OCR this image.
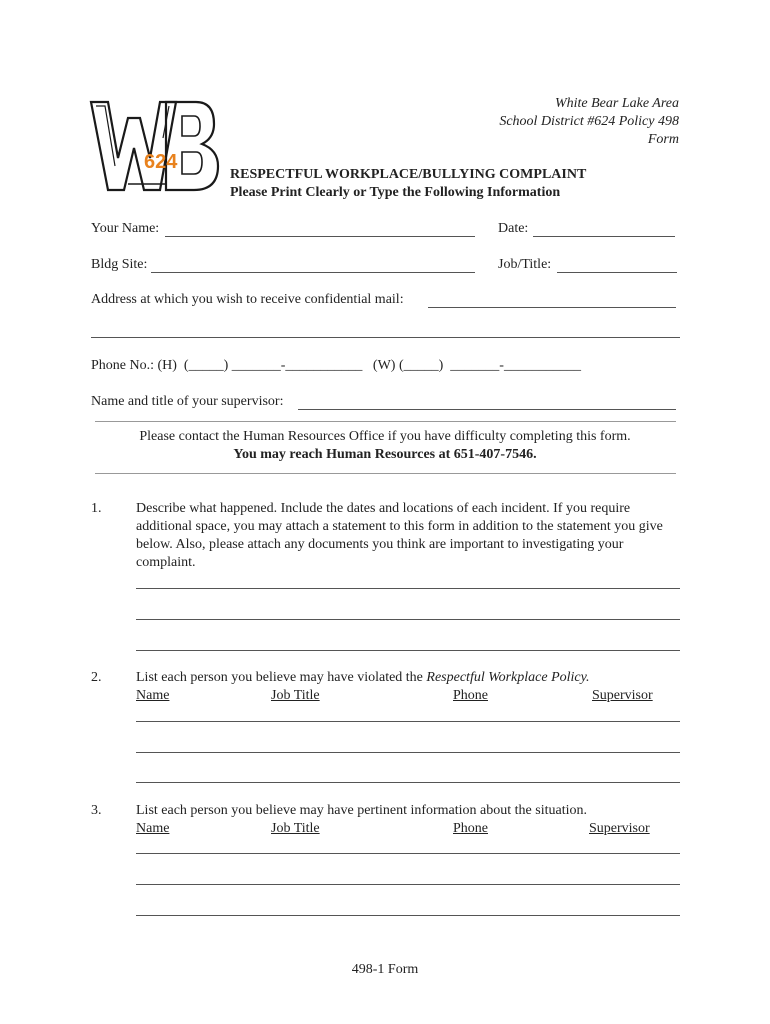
624
White Bear Lake Area
School District #624 Policy 498
Form
RESPECTFUL WORKPLACE/BULLYING COMPLAINT
Please Print Clearly or Type the Following Information
Your Name:	Date:
Bldg Site:	Job/Title:
Address at which you wish to receive confidential mail:
Phone No.: (H)  (_____) _______-___________   (W) (_____)  _______-___________
Name and title of your supervisor:
Please contact the Human Resources Office if you have difficulty completing this form.
You may reach Human Resources at 651-407-7546.
1. Describe what happened. Include the dates and locations of each incident. If you require additional space, you may attach a statement to this form in addition to the statement you give below. Also, please attach any documents you think are important to investigating your complaint.
2. List each person you believe may have violated the Respectful Workplace Policy.
Name	Job Title	Phone	Supervisor
3. List each person you believe may have pertinent information about the situation.
Name	Job Title	Phone	Supervisor
498-1 Form
